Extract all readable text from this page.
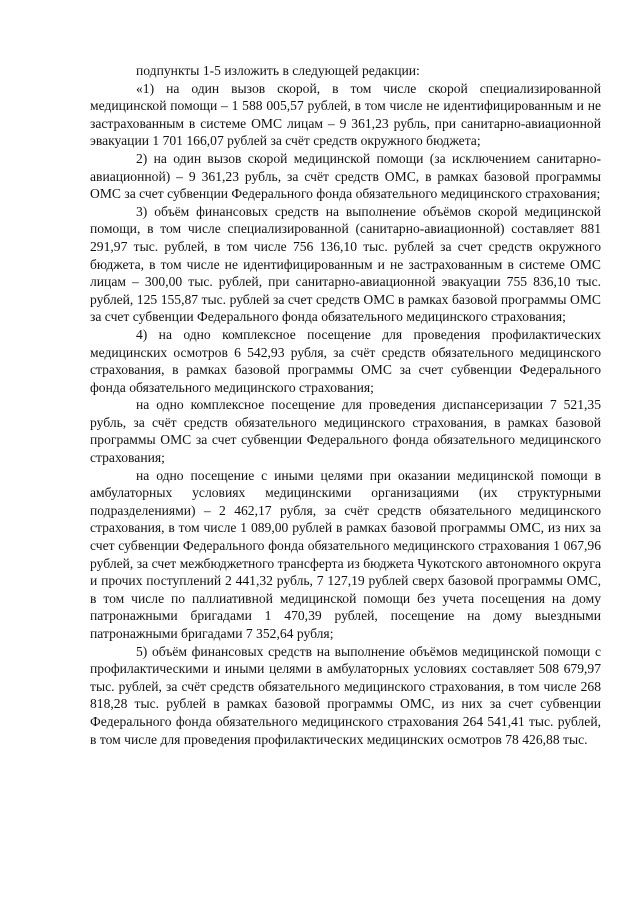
подпункты 1-5 изложить в следующей редакции:

«1) на один вызов скорой, в том числе скорой специализированной медицинской помощи – 1 588 005,57 рублей, в том числе не идентифицированным и не застрахованным в системе ОМС лицам – 9 361,23 рубль, при санитарно-авиационной эвакуации 1 701 166,07 рублей за счёт средств окружного бюджета;

2) на один вызов скорой медицинской помощи (за исключением санитарно-авиационной) – 9 361,23 рубль, за счёт средств ОМС, в рамках базовой программы ОМС за счет субвенции Федерального фонда обязательного медицинского страхования;

3) объём финансовых средств на выполнение объёмов скорой медицинской помощи, в том числе специализированной (санитарно-авиационной) составляет 881 291,97 тыс. рублей, в том числе 756 136,10 тыс. рублей за счет средств окружного бюджета, в том числе не идентифицированным и не застрахованным в системе ОМС лицам – 300,00 тыс. рублей, при санитарно-авиационной эвакуации 755 836,10 тыс. рублей, 125 155,87 тыс. рублей за счет средств ОМС в рамках базовой программы ОМС за счет субвенции Федерального фонда обязательного медицинского страхования;

4) на одно комплексное посещение для проведения профилактических медицинских осмотров 6 542,93 рубля, за счёт средств обязательного медицинского страхования, в рамках базовой программы ОМС за счет субвенции Федерального фонда обязательного медицинского страхования;

на одно комплексное посещение для проведения диспансеризации 7 521,35 рубль, за счёт средств обязательного медицинского страхования, в рамках базовой программы ОМС за счет субвенции Федерального фонда обязательного медицинского страхования;

на одно посещение с иными целями при оказании медицинской помощи в амбулаторных условиях медицинскими организациями (их структурными подразделениями) – 2 462,17 рубля, за счёт средств обязательного медицинского страхования, в том числе 1 089,00 рублей в рамках базовой программы ОМС, из них за счет субвенции Федерального фонда обязательного медицинского страхования 1 067,96 рублей, за счет межбюджетного трансферта из бюджета Чукотского автономного округа и прочих поступлений 2 441,32 рубль, 7 127,19 рублей сверх базовой программы ОМС, в том числе по паллиативной медицинской помощи без учета посещения на дому патронажными бригадами 1 470,39 рублей, посещение на дому выездными патронажными бригадами 7 352,64 рубля;

5) объём финансовых средств на выполнение объёмов медицинской помощи с профилактическими и иными целями в амбулаторных условиях составляет 508 679,97 тыс. рублей, за счёт средств обязательного медицинского страхования, в том числе 268 818,28 тыс. рублей в рамках базовой программы ОМС, из них за счет субвенции Федерального фонда обязательного медицинского страхования 264 541,41 тыс. рублей, в том числе для проведения профилактических медицинских осмотров 78 426,88 тыс.
